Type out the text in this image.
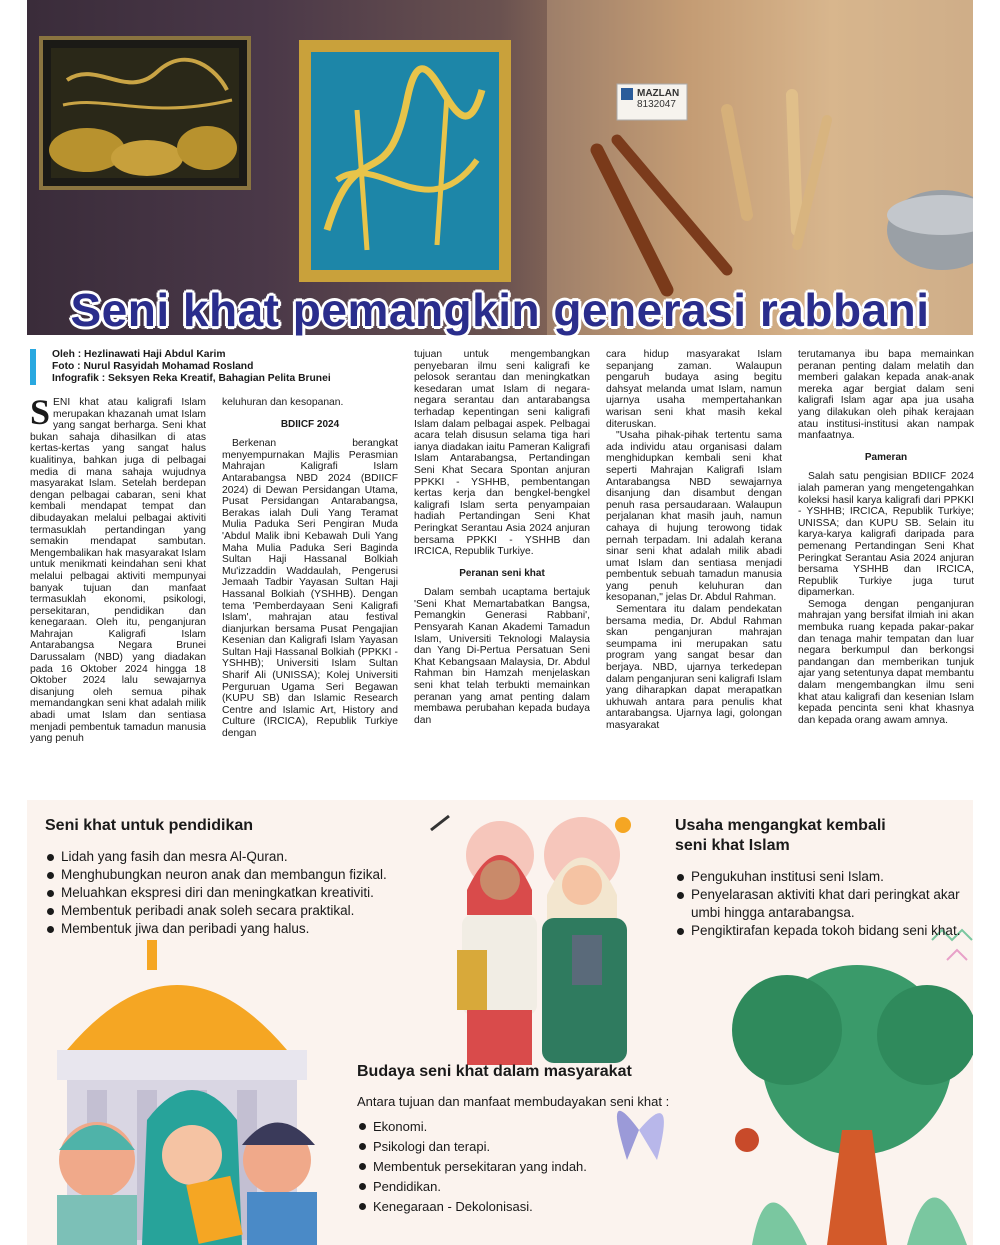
MAZLAN
8132047
Seni khat pemangkin generasi rabbani
Oleh : Hezlinawati Haji Abdul Karim
Foto : Nurul Rasyidah Mohamad Rosland
Infografik : Seksyen Reka Kreatif, Bahagian Pelita Brunei

SENI khat atau kaligrafi Islam merupakan khazanah umat Islam yang sangat berharga. Seni khat bukan sahaja dihasilkan di atas kertas-kertas yang sangat halus kualitinya, bahkan juga di pelbagai media di mana sahaja wujudnya masyarakat Islam. Setelah berdepan dengan pelbagai cabaran, seni khat kembali mendapat tempat dan dibudayakan melalui pelbagai aktiviti termasuklah pertandingan yang semakin mendapat sambutan. Mengembalikan hak masyarakat Islam untuk menikmati keindahan seni khat melalui pelbagai aktiviti mempunyai banyak tujuan dan manfaat termasuklah ekonomi, psikologi, persekitaran, pendidikan dan kenegaraan. Oleh itu, penganjuran Mahrajan Kaligrafi Islam Antarabangsa Negara Brunei Darussalam (NBD) yang diadakan pada 16 Oktober 2024 hingga 18 Oktober 2024 lalu sewajarnya disanjung oleh semua pihak memandangkan seni khat adalah milik abadi umat Islam dan sentiasa menjadi pembentuk tamadun manusia yang penuh

keluhuran dan kesopanan.

BDIICF 2024

Berkenan berangkat menyempurnakan Majlis Perasmian Mahrajan Kaligrafi Islam Antarabangsa NBD 2024 (BDIICF 2024) di Dewan Persidangan Utama, Pusat Persidangan Antarabangsa, Berakas ialah Duli Yang Teramat Mulia Paduka Seri Pengiran Muda 'Abdul Malik ibni Kebawah Duli Yang Maha Mulia Paduka Seri Baginda Sultan Haji Hassanal Bolkiah Mu'izzaddin Waddaulah, Pengerusi Jemaah Tadbir Yayasan Sultan Haji Hassanal Bolkiah (YSHHB). Dengan tema 'Pemberdayaan Seni Kaligrafi Islam', mahrajan atau festival dianjurkan bersama Pusat Pengajian Kesenian dan Kaligrafi Islam Yayasan Sultan Haji Hassanal Bolkiah (PPKKI - YSHHB); Universiti Islam Sultan Sharif Ali (UNISSA); Kolej Universiti Perguruan Ugama Seri Begawan (KUPU SB) dan Islamic Research Centre and Islamic Art, History and Culture (IRCICA), Republik Turkiye dengan

tujuan untuk mengembangkan penyebaran ilmu seni kaligrafi ke pelosok serantau dan meningkatkan kesedaran umat Islam di negara-negara serantau dan antarabangsa terhadap kepentingan seni kaligrafi Islam dalam pelbagai aspek. Pelbagai acara telah disusun selama tiga hari ianya diadakan iaitu Pameran Kaligrafi Islam Antarabangsa, Pertandingan Seni Khat Secara Spontan anjuran PPKKI - YSHHB, pembentangan kertas kerja dan bengkel-bengkel kaligrafi Islam serta penyampaian hadiah Pertandingan Seni Khat Peringkat Serantau Asia 2024 anjuran bersama PPKKI - YSHHB dan IRCICA, Republik Turkiye.

Peranan seni khat

Dalam sembah ucaptama bertajuk 'Seni Khat Memartabatkan Bangsa, Pemangkin Generasi Rabbani', Pensyarah Kanan Akademi Tamadun Islam, Universiti Teknologi Malaysia dan Yang Di-Pertua Persatuan Seni Khat Kebangsaan Malaysia, Dr. Abdul Rahman bin Hamzah menjelaskan seni khat telah terbukti memainkan peranan yang amat penting dalam membawa perubahan kepada budaya dan

cara hidup masyarakat Islam sepanjang zaman. Walaupun pengaruh budaya asing begitu dahsyat melanda umat Islam, namun ujarnya usaha mempertahankan warisan seni khat masih kekal diteruskan.

"Usaha pihak-pihak tertentu sama ada individu atau organisasi dalam menghidupkan kembali seni khat seperti Mahrajan Kaligrafi Islam Antarabangsa NBD sewajarnya disanjung dan disambut dengan penuh rasa persaudaraan. Walaupun perjalanan khat masih jauh, namun cahaya di hujung terowong tidak pernah terpadam. Ini adalah kerana sinar seni khat adalah milik abadi umat Islam dan sentiasa menjadi pembentuk sebuah tamadun manusia yang penuh keluhuran dan kesopanan," jelas Dr. Abdul Rahman.

Sementara itu dalam pendekatan bersama media, Dr. Abdul Rahman skan penganjuran mahrajan seumpama ini merupakan satu program yang sangat besar dan berjaya. NBD, ujarnya terkedepan dalam penganjuran seni kaligrafi Islam yang diharapkan dapat merapatkan ukhuwah antara para penulis khat antarabangsa. Ujarnya lagi, golongan masyarakat

terutamanya ibu bapa memainkan peranan penting dalam melatih dan memberi galakan kepada anak-anak mereka agar bergiat dalam seni kaligrafi Islam agar apa jua usaha yang dilakukan oleh pihak kerajaan atau institusi-institusi akan nampak manfaatnya.

Pameran

Salah satu pengisian BDIICF 2024 ialah pameran yang mengetengahkan koleksi hasil karya kaligrafi dari PPKKI - YSHHB; IRCICA, Republik Turkiye; UNISSA; dan KUPU SB. Selain itu karya-karya kaligrafi daripada para pemenang Pertandingan Seni Khat Peringkat Serantau Asia 2024 anjuran bersama YSHHB dan IRCICA, Republik Turkiye juga turut dipamerkan.

Semoga dengan penganjuran mahrajan yang bersifat ilmiah ini akan membuka ruang kepada pakar-pakar dan tenaga mahir tempatan dan luar negara berkumpul dan berkongsi pandangan dan memberikan tunjuk ajar yang setentunya dapat membantu dalam mengembangkan ilmu seni khat atau kaligrafi dan kesenian Islam kepada pencinta seni khat khasnya dan kepada orang awam amnya.

Seni khat untuk pendidikan
Lidah yang fasih dan mesra Al-Quran.
Menghubungkan neuron anak dan membangun fizikal.
Meluahkan ekspresi diri dan meningkatkan kreativiti.
Membentuk peribadi anak soleh secara praktikal.
Membentuk jiwa dan peribadi yang halus.
Usaha mengangkat kembali
seni khat Islam
Pengukuhan institusi seni Islam.
Penyelarasan aktiviti khat dari peringkat akar umbi hingga antarabangsa.
Pengiktirafan kepada tokoh bidang seni khat.
Budaya seni khat dalam masyarakat

Antara tujuan dan manfaat membudayakan seni khat :

Ekonomi.
Psikologi dan terapi.
Membentuk persekitaran yang indah.
Pendidikan.
Kenegaraan - Dekolonisasi.
